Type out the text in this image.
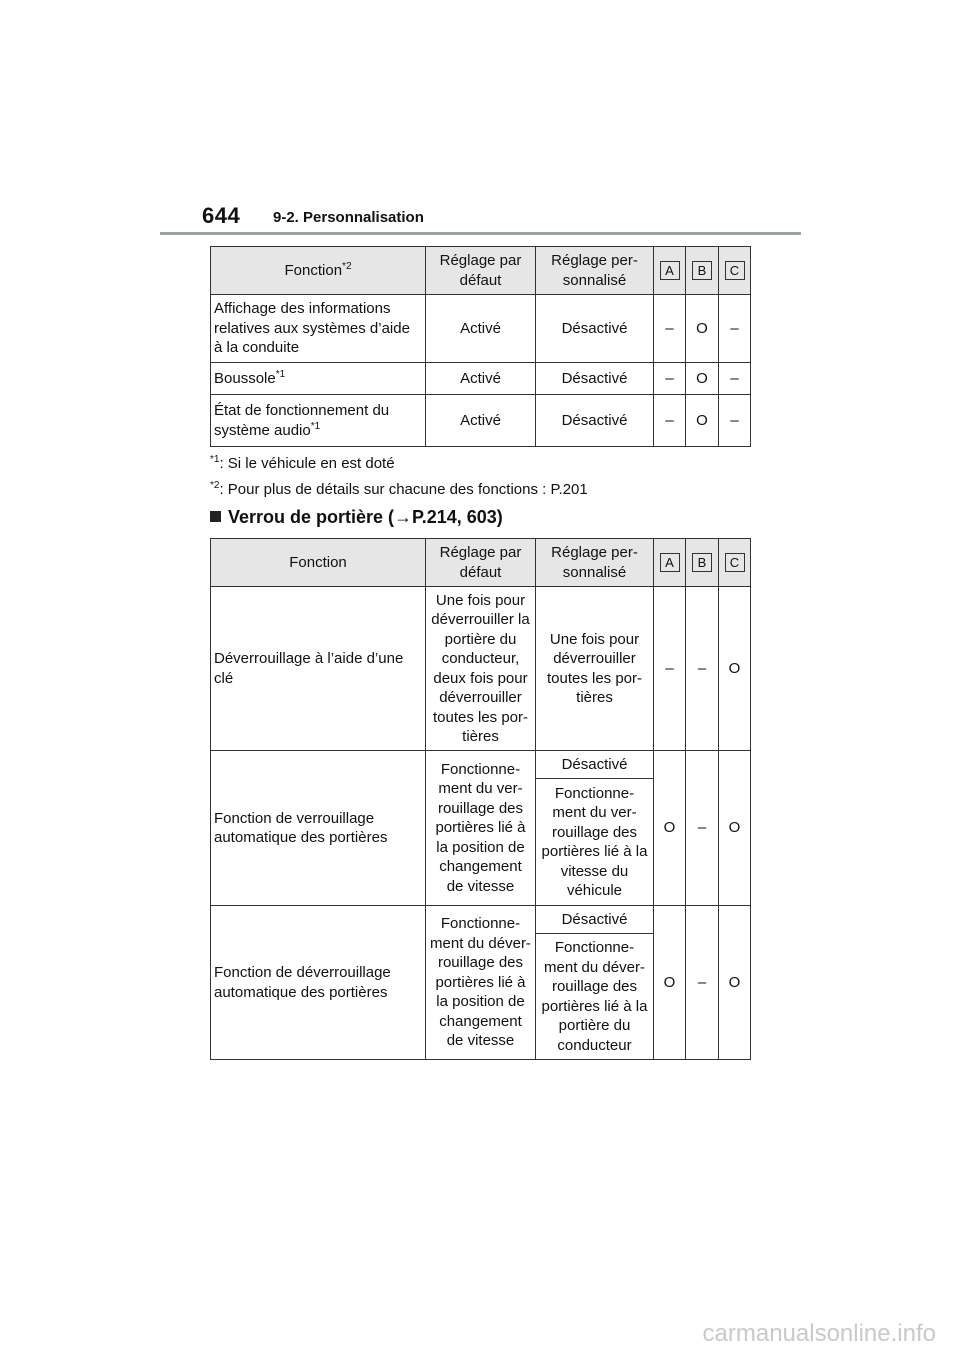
644 9-2. Personnalisation
Fonction$^{*2}$	Réglage par défaut	Réglage per-sonnalisé	A	B	C
Affichage des informations relatives aux systèmes d’aide à la conduite	Activé	Désactivé	–	O	–
Boussole$^{*1}$	Activé	Désactivé	–	O	–
État de fonctionnement du système audio$^{*1}$	Activé	Désactivé	–	O	–
$^{*1}$: Si le véhicule en est doté
$^{*2}$: Pour plus de détails sur chacune des fonctions : P.201
Verrou de portière (→P.214, 603)
Fonction	Réglage par défaut	Réglage per-sonnalisé	A	B	C
Déverrouillage à l’aide d’une clé	Une fois pour déverrouiller la portière du conducteur, deux fois pour déverrouiller toutes les por-tières	Une fois pour déverrouiller toutes les por-tières	–	–	O
Fonction de verrouillage automatique des portières	Fonctionne-ment du ver-rouillage des portières lié à la position de changement de vitesse	Désactivé	O	–	O
		Fonctionne-ment du ver-rouillage des portières lié à la vitesse du véhicule			
Fonction de déverrouillage automatique des portières	Fonctionne-ment du déver-rouillage des portières lié à la position de changement de vitesse	Désactivé	O	–	O
		Fonctionne-ment du déver-rouillage des portières lié à la portière du conducteur			
carmanualsonline.info
